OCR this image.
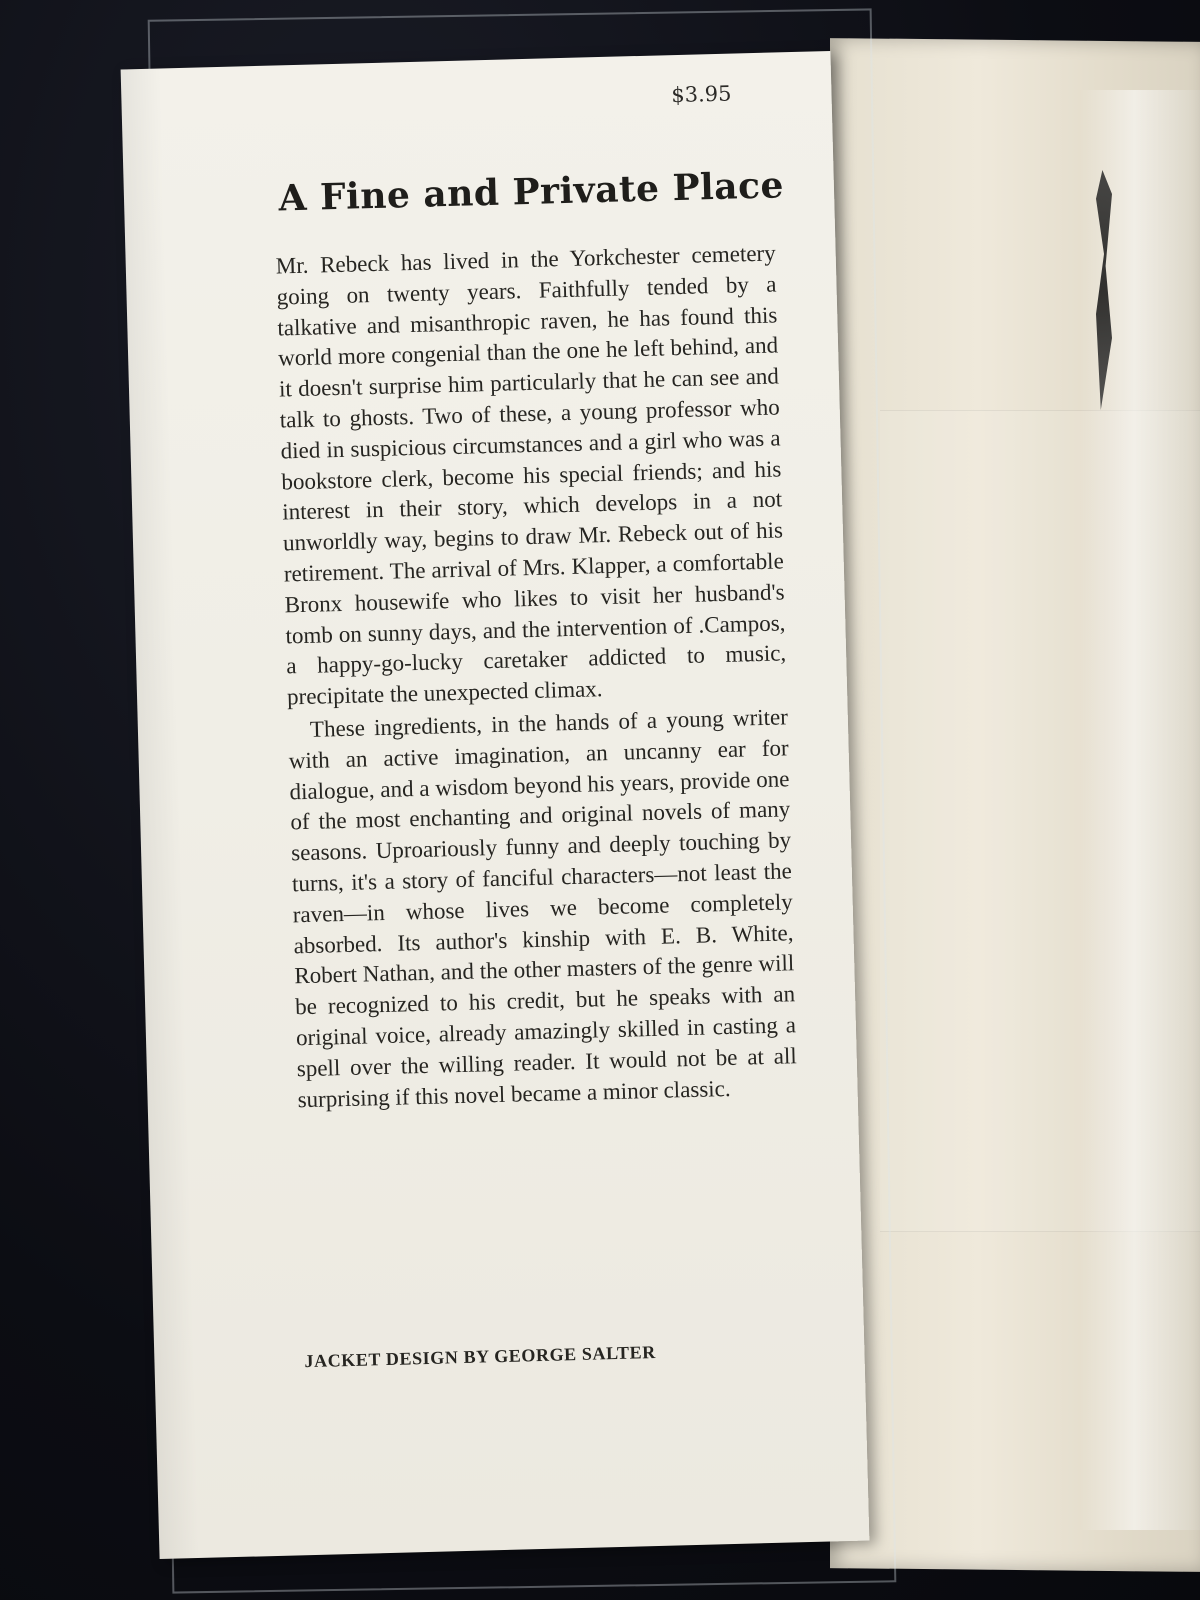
$3.95

A Fine and Private Place

Mr. Rebeck has lived in the Yorkchester cemetery going on twenty years. Faithfully tended by a talkative and misanthropic raven, he has found this world more congenial than the one he left behind, and it doesn't surprise him particularly that he can see and talk to ghosts. Two of these, a young professor who died in suspicious circumstances and a girl who was a bookstore clerk, become his special friends; and his interest in their story, which develops in a not unworldly way, begins to draw Mr. Rebeck out of his retirement. The arrival of Mrs. Klapper, a comfortable Bronx housewife who likes to visit her husband's tomb on sunny days, and the intervention of .Campos, a happy-go-lucky caretaker addicted to music, precipitate the unexpected climax.

These ingredients, in the hands of a young writer with an active imagination, an uncanny ear for dialogue, and a wisdom beyond his years, provide one of the most enchanting and original novels of many seasons. Uproariously funny and deeply touching by turns, it's a story of fanciful characters—not least the raven—in whose lives we become completely absorbed. Its author's kinship with E. B. White, Robert Nathan, and the other masters of the genre will be recognized to his credit, but he speaks with an original voice, already amazingly skilled in casting a spell over the willing reader. It would not be at all surprising if this novel became a minor classic.

JACKET DESIGN BY GEORGE SALTER
